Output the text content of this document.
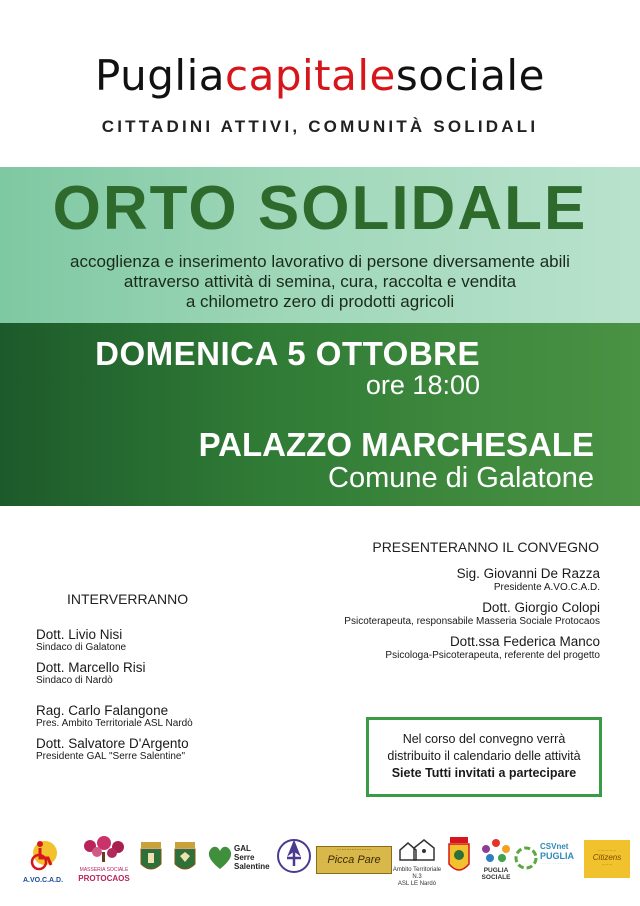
Pugliacapitalesociale
CITTADINI ATTIVI, COMUNITÀ SOLIDALI
ORTO SOLIDALE
accoglienza e inserimento lavorativo di persone diversamente abili
attraverso attività di semina, cura, raccolta e vendita
a chilometro zero di prodotti agricoli
DOMENICA 5 OTTOBRE
ore 18:00
PALAZZO MARCHESALE
Comune di Galatone
PRESENTERANNO IL CONVEGNO
Sig. Giovanni De Razza
Presidente A.VO.C.A.D.
Dott. Giorgio Colopi
Psicoterapeuta, responsabile Masseria Sociale Protocaos
Dott.ssa Federica Manco
Psicologa-Psicoterapeuta, referente del progetto
INTERVERRANNO
Dott. Livio Nisi
Sindaco di Galatone
Dott. Marcello Risi
Sindaco di Nardò
Rag. Carlo Falangone
Pres. Ambito Territoriale ASL Nardò
Dott. Salvatore D'Argento
Presidente GAL "Serre Salentine"
Nel corso del convegno verrà
distribuito il calendario delle attività
Siete Tutti invitati a partecipare
A.VO.C.A.D.
MASSERIA SOCIALE
PROTOCAOS
GAL
Serre
Salentine
·····················
Picca Pare
Ambito Territoriale N.3
ASL LE Nardò
PUGLIA
SOCIALE
CSVnet
PUGLIA
··········· ·········· ········
··············
Citizens
········
